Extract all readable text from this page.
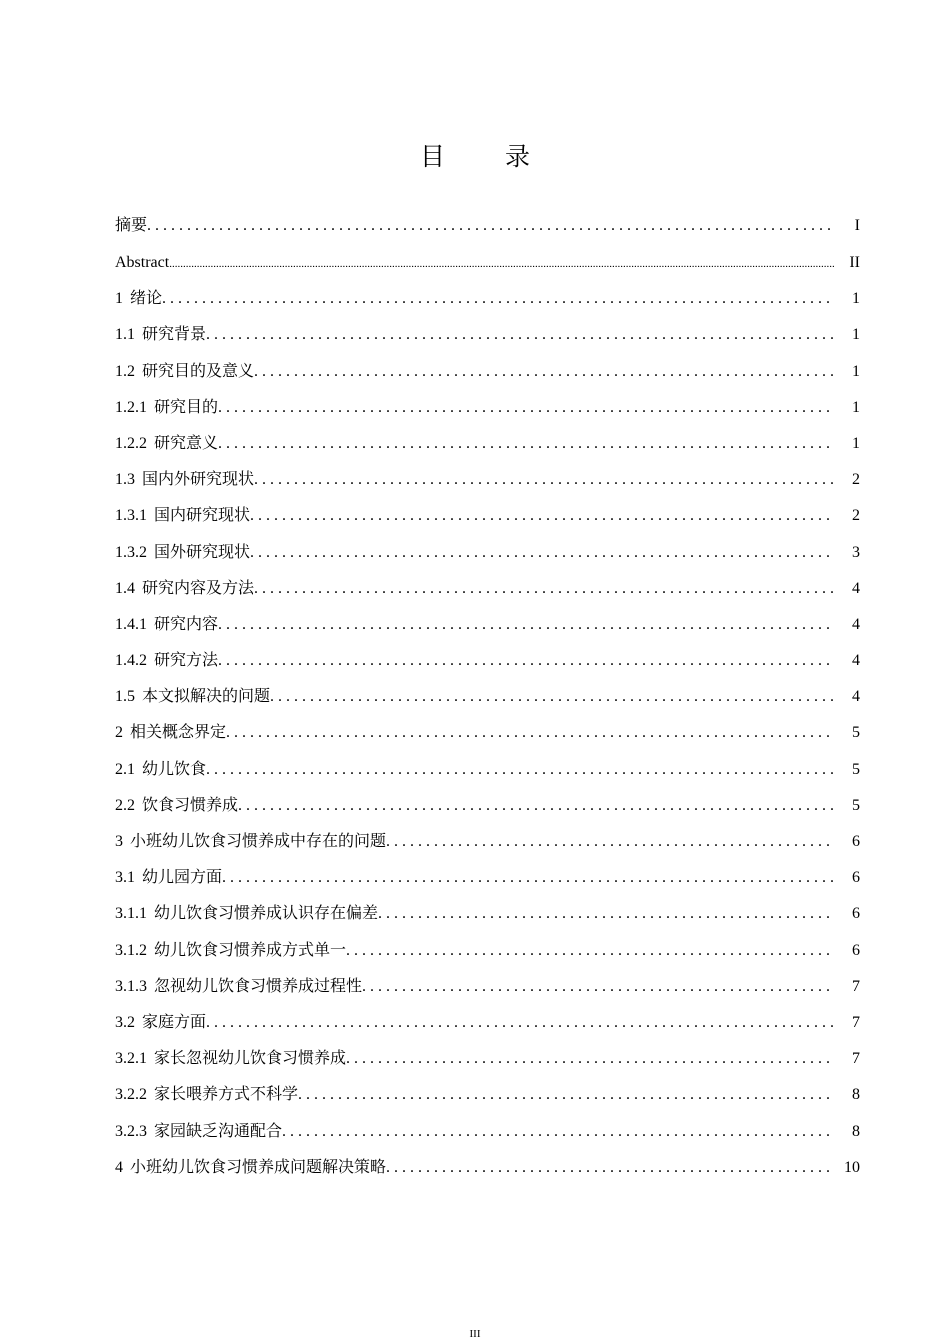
目 录
摘要 . . .	I
Abstract .....	II
1 绪论 . . .	1
1.1 研究背景 . . .	1
1.2 研究目的及意义 . . .	1
1.2.1 研究目的 . . .	1
1.2.2 研究意义 . . .	1
1.3 国内外研究现状 . . .	2
1.3.1 国内研究现状 . . .	2
1.3.2 国外研究现状 . . .	3
1.4 研究内容及方法 . . .	4
1.4.1 研究内容 . . .	4
1.4.2 研究方法 . . .	4
1.5 本文拟解决的问题 . . .	4
2 相关概念界定 . . .	5
2.1 幼儿饮食 . . .	5
2.2 饮食习惯养成 . . .	5
3 小班幼儿饮食习惯养成中存在的问题 . . .	6
3.1 幼儿园方面 . . .	6
3.1.1 幼儿饮食习惯养成认识存在偏差 . . .	6
3.1.2 幼儿饮食习惯养成方式单一 . . .	6
3.1.3 忽视幼儿饮食习惯养成过程性 . . .	7
3.2 家庭方面 . . .	7
3.2.1 家长忽视幼儿饮食习惯养成 . . .	7
3.2.2 家长喂养方式不科学 . . .	8
3.2.3 家园缺乏沟通配合 . . .	8
4 小班幼儿饮食习惯养成问题解决策略 . . .	10
III
